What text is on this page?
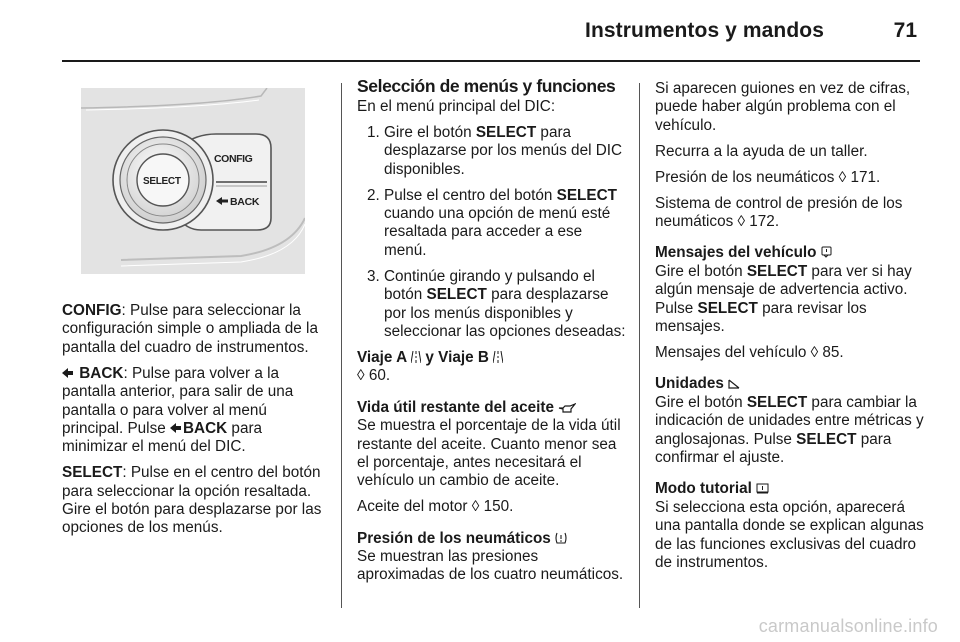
Instrumentos y mandos	71
CONFIG
BACK
SELECT

CONFIG: Pulse para seleccionar la configuración simple o ampliada de la pantalla del cuadro de instrumentos.

BACK: Pulse para volver a la pantalla anterior, para salir de una pantalla o para volver al menú principal. Pulse BACK para minimizar el menú del DIC.

SELECT: Pulse en el centro del botón para seleccionar la opción resaltada. Gire el botón para desplazarse por las opciones de los menús.

Selección de menús y funciones

En el menú principal del DIC:

1. Gire el botón SELECT para desplazarse por los menús del DIC disponibles.
2. Pulse el centro del botón SELECT cuando una opción de menú esté resaltada para acceder a ese menú.
3. Continúe girando y pulsando el botón SELECT para desplazarse por los menús disponibles y seleccionar las opciones deseadas:
Viaje A y Viaje B

◊ 60.

Vida útil restante del aceite

Se muestra el porcentaje de la vida útil restante del aceite. Cuanto menor sea el porcentaje, antes necesitará el vehículo un cambio de aceite.

Aceite del motor ◊ 150.

Presión de los neumáticos

Se muestran las presiones aproximadas de los cuatro neumáticos.

Si aparecen guiones en vez de cifras, puede haber algún problema con el vehículo.

Recurra a la ayuda de un taller.

Presión de los neumáticos ◊ 171.

Sistema de control de presión de los neumáticos ◊ 172.

Mensajes del vehículo

Gire el botón SELECT para ver si hay algún mensaje de advertencia activo. Pulse SELECT para revisar los mensajes.

Mensajes del vehículo ◊ 85.

Unidades

Gire el botón SELECT para cambiar la indicación de unidades entre métricas y anglosajonas. Pulse SELECT para confirmar el ajuste.

Modo tutorial

Si selecciona esta opción, aparecerá una pantalla donde se explican algunas de las funciones exclusivas del cuadro de instrumentos.

carmanualsonline.info
